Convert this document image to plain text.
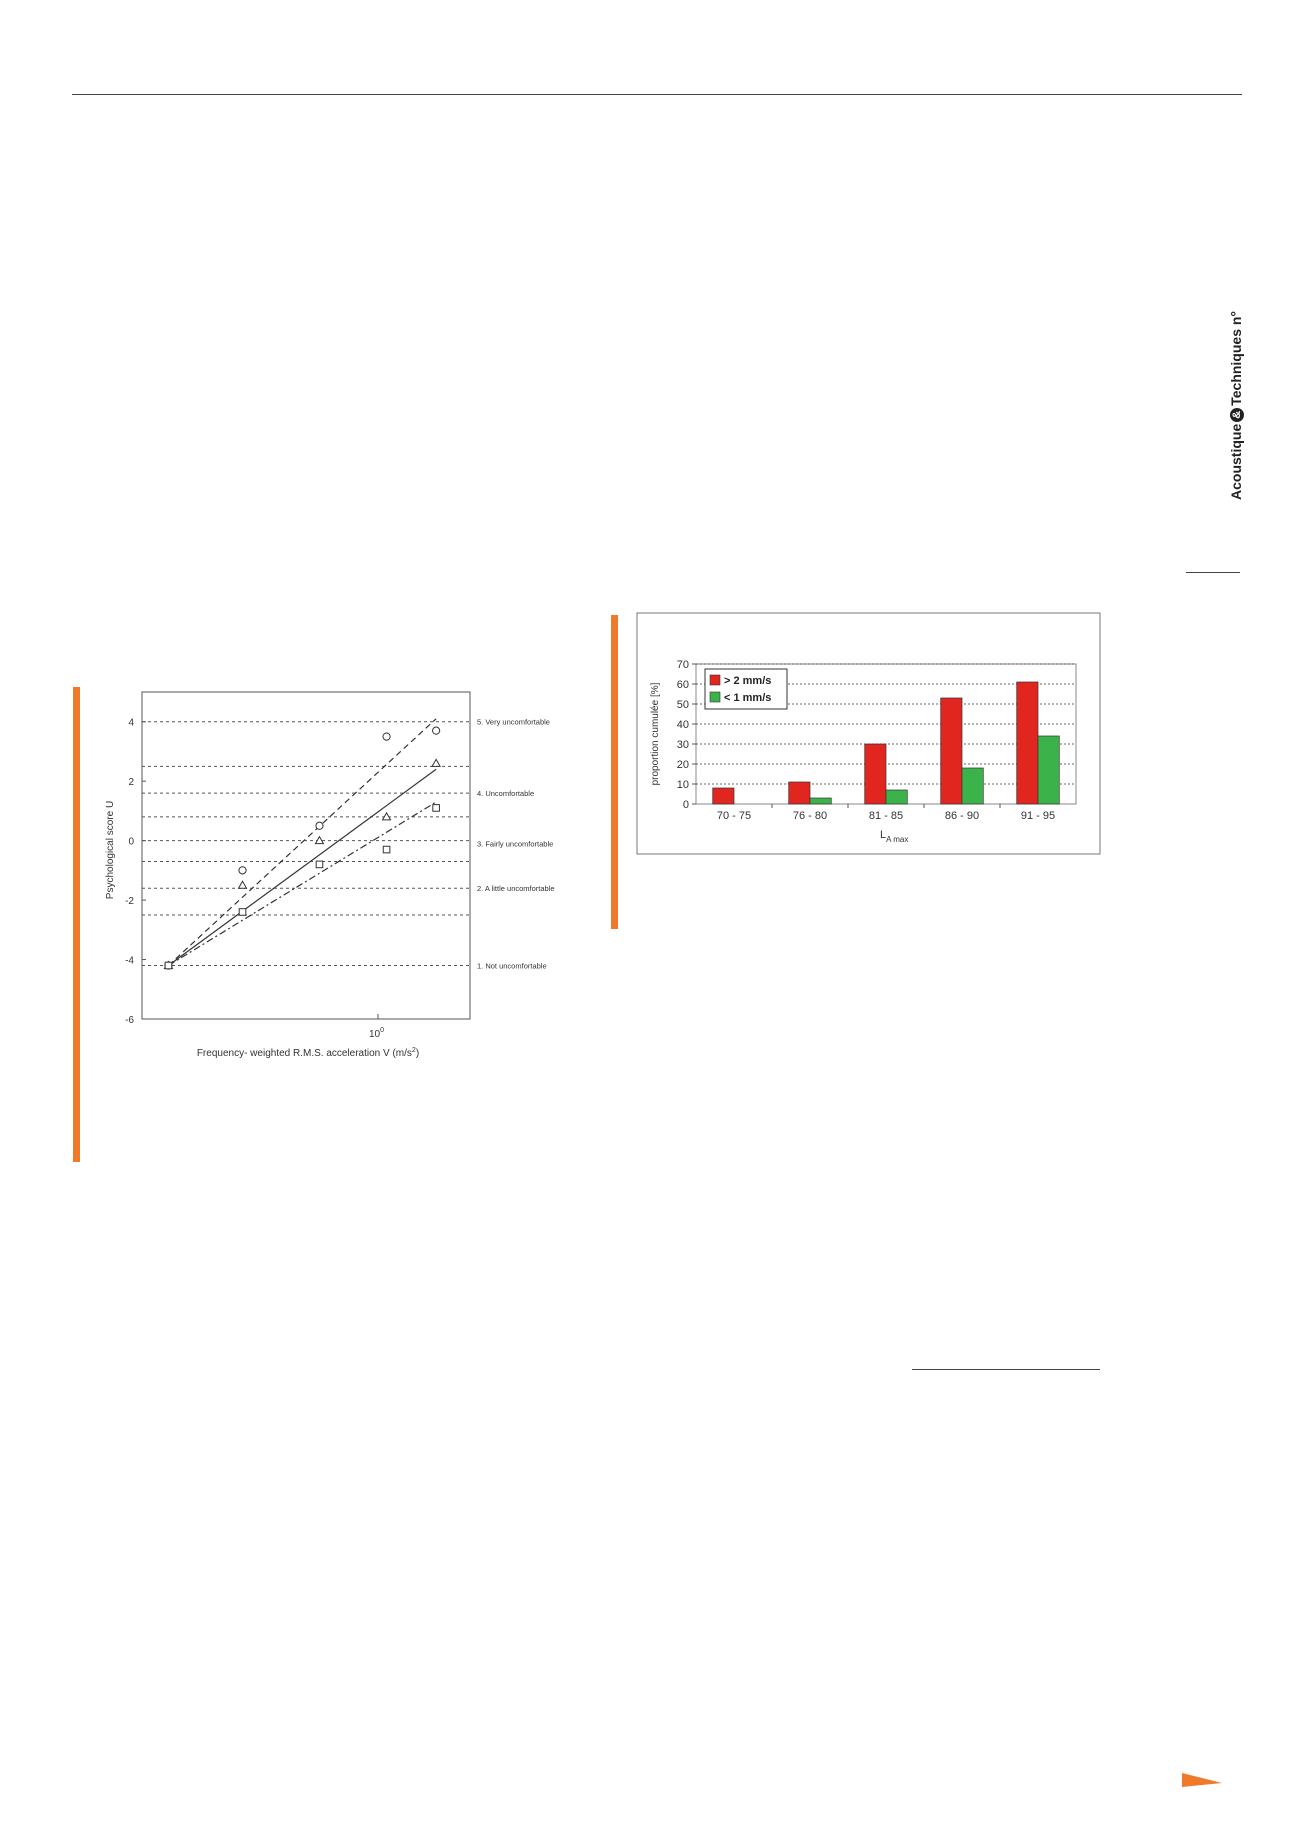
Acoustique&Techniques n°
4
2
0
-2
-4
-6
5. Very uncomfortable
4. Uncomfortable
3. Fairly uncomfortable
2. A little uncomfortable
1. Not uncomfortable
$10^0$
Frequency- weighted R.M.S. acceleration V $(m/s^2)$
Psychological score U	0
10
20
30
40
50
60
70
70 - 75	76 - 80	81 - 85	86 - 90	91 - 95
proportion cumulée [%]
$L_{A max}$
> 2 mm/s
< 1 mm/s
